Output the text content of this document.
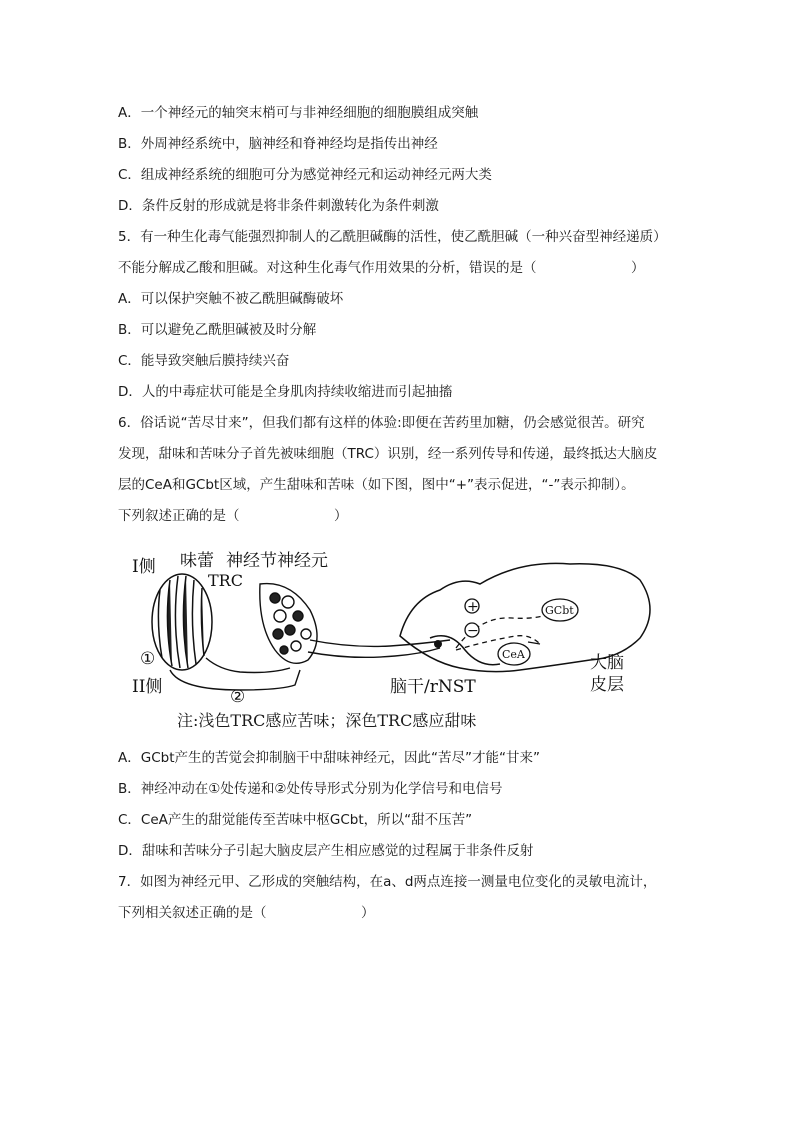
A．一个神经元的轴突末梢可与非神经细胞的细胞膜组成突触
B．外周神经系统中，脑神经和脊神经均是指传出神经
C．组成神经系统的细胞可分为感觉神经元和运动神经元两大类
D．条件反射的形成就是将非条件刺激转化为条件刺激
5．有一种生化毒气能强烈抑制人的乙酰胆碱酶的活性，使乙酰胆碱（一种兴奋型神经递质）
不能分解成乙酸和胆碱。对这种生化毒气作用效果的分析，错误的是（　　　　　　　）
A．可以保护突触不被乙酰胆碱酶破坏
B．可以避免乙酰胆碱被及时分解
C．能导致突触后膜持续兴奋
D．人的中毒症状可能是全身肌肉持续收缩进而引起抽搐
6．俗话说“苦尽甘来”，但我们都有这样的体验:即便在苦药里加糖，仍会感觉很苦。研究
发现，甜味和苦味分子首先被味细胞（TRC）识别，经一系列传导和传递，最终抵达大脑皮
层的CeA和GCbt区域，产生甜味和苦味（如下图，图中“+”表示促进，“-”表示抑制）。
下列叙述正确的是（　　　　　　　）
I侧 味蕾 神经节神经元
TRC
①
II侧	②
+
−
GCbt
CeA
脑干/rNST
大脑
皮层
注:浅色TRC感应苦味；深色TRC感应甜味
A．GCbt产生的苦觉会抑制脑干中甜味神经元，因此“苦尽”才能“甘来”
B．神经冲动在①处传递和②处传导形式分别为化学信号和电信号
C．CeA产生的甜觉能传至苦味中枢GCbt，所以“甜不压苦”
D．甜味和苦味分子引起大脑皮层产生相应感觉的过程属于非条件反射
7．如图为神经元甲、乙形成的突触结构，在a、d两点连接一测量电位变化的灵敏电流计，
下列相关叙述正确的是（　　　　　　　）
